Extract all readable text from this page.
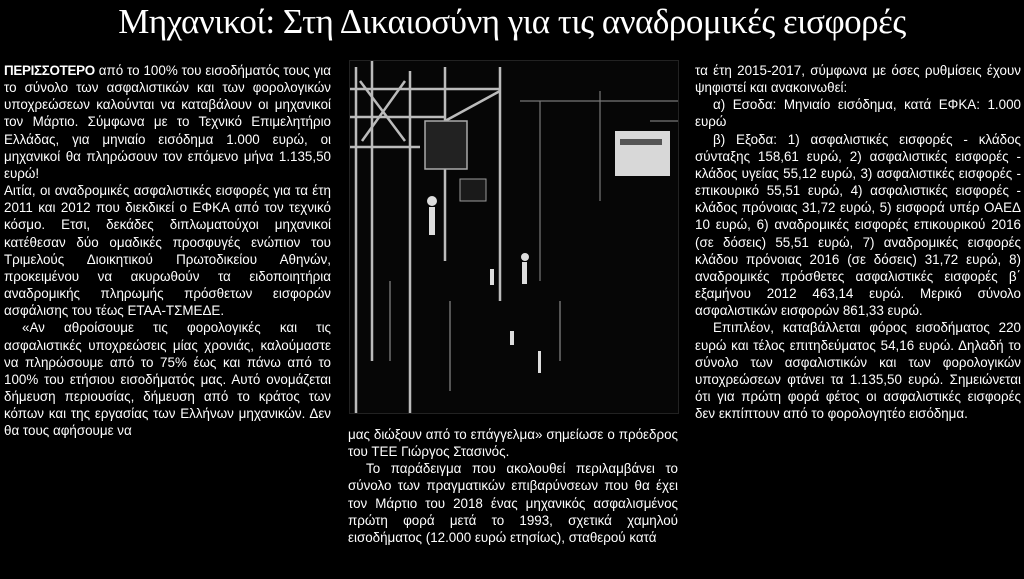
Μηχανικοί: Στη Δικαιοσύνη για τις αναδρομικές εισφορές

ΠΕΡΙΣΣΟΤΕΡΟ από το 100% του εισοδήματός τους για το σύνολο των ασφαλιστικών και των φορολογικών υποχρεώσεων καλούνται να καταβάλουν οι μηχανικοί τον Μάρτιο. Σύμφωνα με το Τεχνικό Επιμελητήριο Ελλάδας, για μηνιαίο εισόδημα 1.000 ευρώ, οι μηχανικοί θα πληρώσουν τον επόμενο μήνα 1.135,50 ευρώ!

Αιτία, οι αναδρομικές ασφαλιστικές εισφορές για τα έτη 2011 και 2012 που διεκδικεί ο ΕΦΚΑ από τον τεχνικό κόσμο. Ετσι, δεκάδες διπλωματούχοι μηχανικοί κατέθεσαν δύο ομαδικές προσφυγές ενώπιον του Τριμελούς Διοικητικού Πρωτοδικείου Αθηνών, προκειμένου να ακυρωθούν τα ειδοποιητήρια αναδρομικής πληρωμής πρόσθετων εισφορών ασφάλισης του τέως ΕΤΑΑ-ΤΣΜΕΔΕ.

«Αν αθροίσουμε τις φορολογικές και τις ασφαλιστικές υποχρεώσεις μίας χρονιάς, καλούμαστε να πληρώσουμε από το 75% έως και πάνω από το 100% του ετήσιου εισοδήματός μας. Αυτό ονομάζεται δήμευση περιουσίας, δήμευση από το κράτος των κόπων και της εργασίας των Ελλήνων μηχανικών. Δεν θα τους αφήσουμε να	μας διώξουν από το επάγγελμα» σημείωσε ο πρόεδρος του ΤΕΕ Γιώργος Στασινός.

Το παράδειγμα που ακολουθεί περιλαμβάνει το σύνολο των πραγματικών επιβαρύνσεων που θα έχει τον Μάρτιο του 2018 ένας μηχανικός ασφαλισμένος πρώτη φορά μετά το 1993, σχετικά χαμηλού εισοδήματος (12.000 ευρώ ετησίως), σταθερού κατά

τα έτη 2015-2017, σύμφωνα με όσες ρυθμίσεις έχουν ψηφιστεί και ανακοινωθεί:

α) Εσοδα: Μηνιαίο εισόδημα, κατά ΕΦΚΑ: 1.000 ευρώ

β) Εξοδα: 1) ασφαλιστικές εισφορές - κλάδος σύνταξης 158,61 ευρώ, 2) ασφαλιστικές εισφορές - κλάδος υγείας 55,12 ευρώ, 3) ασφαλιστικές εισφορές - επικουρικό 55,51 ευρώ, 4) ασφαλιστικές εισφορές - κλάδος πρόνοιας 31,72 ευρώ, 5) εισφορά υπέρ ΟΑΕΔ 10 ευρώ, 6) αναδρομικές εισφορές επικουρικού 2016 (σε δόσεις) 55,51 ευρώ, 7) αναδρομικές εισφορές κλάδου πρόνοιας 2016 (σε δόσεις) 31,72 ευρώ, 8) αναδρομικές πρόσθετες ασφαλιστικές εισφορές β΄ εξαμήνου 2012 463,14 ευρώ. Μερικό σύνολο ασφαλιστικών εισφορών 861,33 ευρώ.

Επιπλέον, καταβάλλεται φόρος εισοδήματος 220 ευρώ και τέλος επιτηδεύματος 54,16 ευρώ. Δηλαδή το σύνολο των ασφαλιστικών και των φορολογικών υποχρεώσεων φτάνει τα 1.135,50 ευρώ. Σημειώνεται ότι για πρώτη φορά φέτος οι ασφαλιστικές εισφορές δεν εκπίπτουν από το φορολογητέο εισόδημα.
